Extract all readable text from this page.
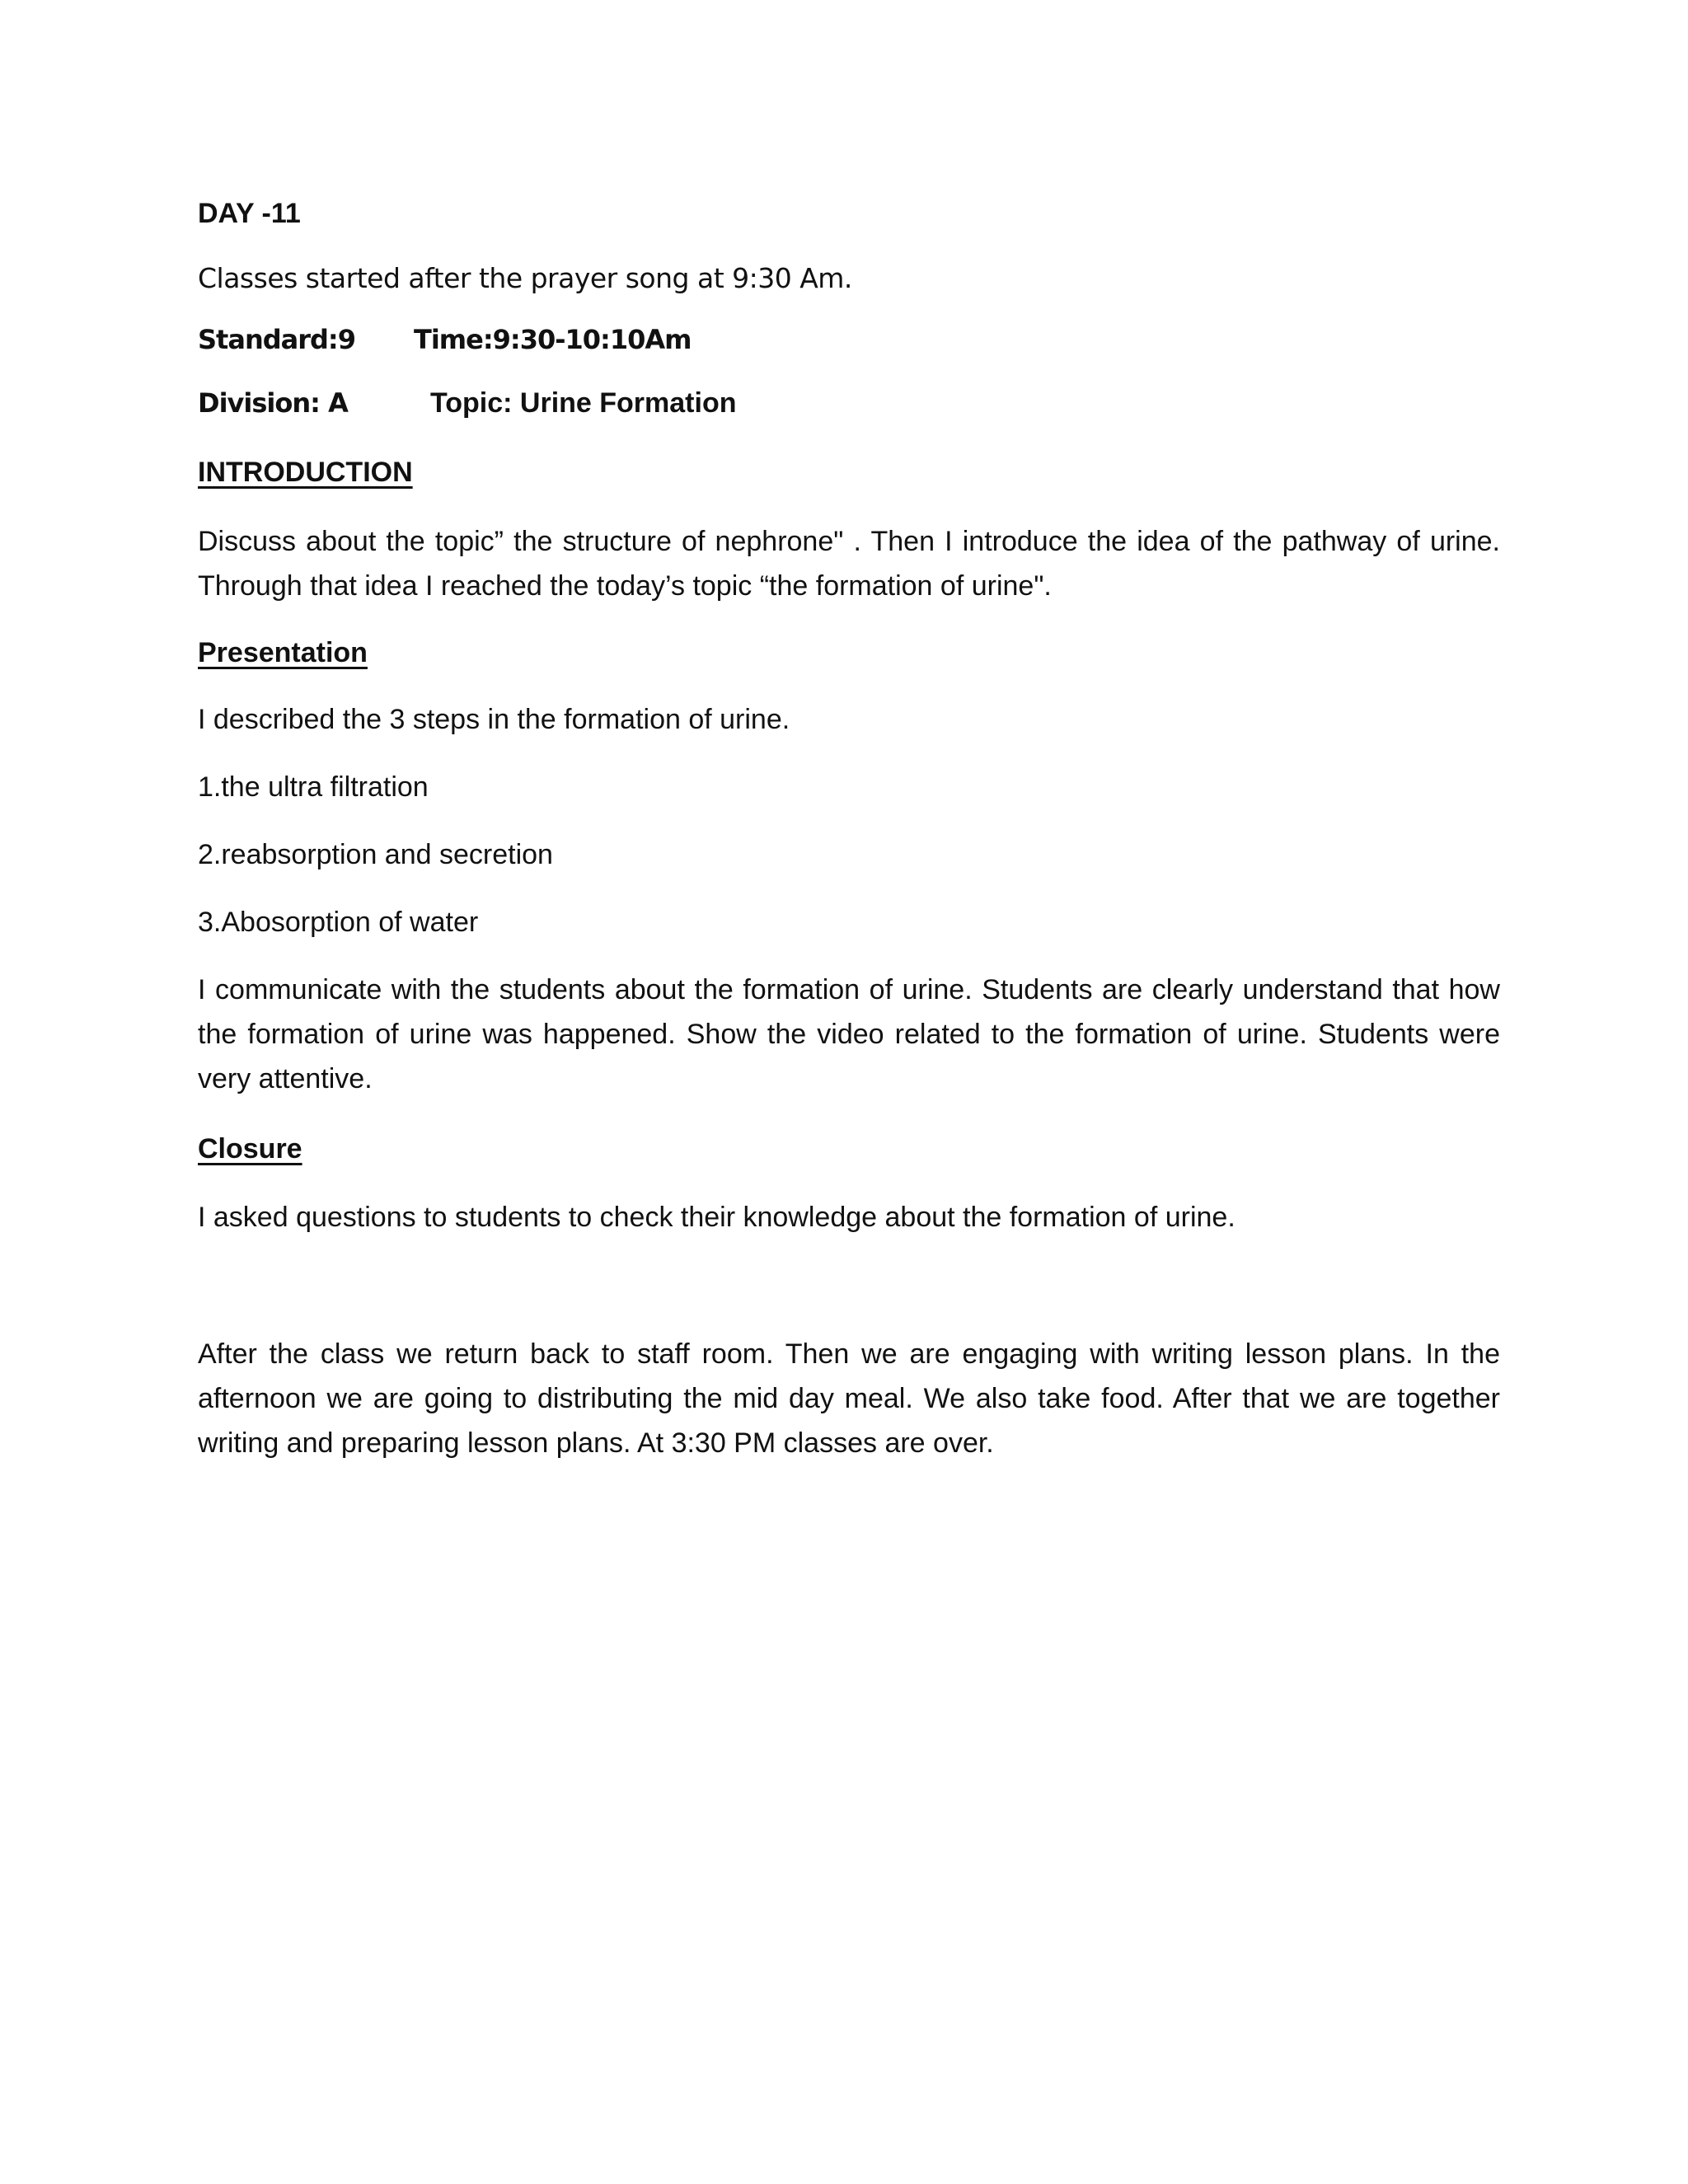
DAY -11
Classes started after the prayer song at 9:30 Am.
Standard:9 Time:9:30-10:10Am
Division: A	Topic: Urine Formation
INTRODUCTION
Discuss about the topic” the structure of nephrone" . Then I introduce the idea of the pathway of urine. Through that idea I reached the today’s topic “the formation of urine".
Presentation
I described the 3 steps in the formation of urine.
1.the ultra filtration
2.reabsorption and secretion
3.Abosorption of water
I communicate with the students about the formation of urine. Students are clearly understand that how the formation of urine was happened. Show the video related to the formation of urine. Students were very attentive.
Closure
I asked questions to students to check their knowledge about the formation of urine.
After the class we return back to staff room. Then we are engaging with writing lesson plans. In the afternoon we are going to distributing the mid day meal. We also take food. After that we are together writing and preparing lesson plans. At 3:30 PM classes are over.
